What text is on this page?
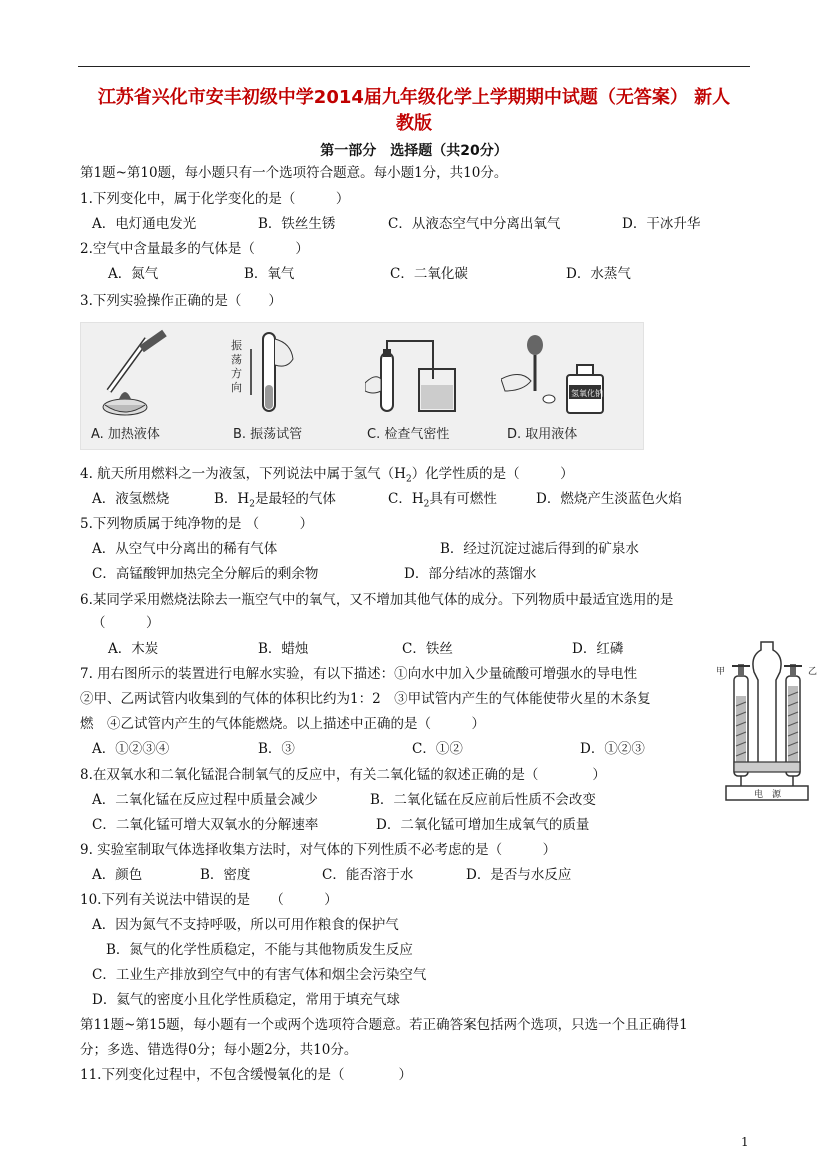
江苏省兴化市安丰初级中学2014届九年级化学上学期期中试题（无答案） 新人
教版
第一部分　选择题（共20分）
第1题~第10题，每小题只有一个选项符合题意。每小题1分，共10分。
1.下列变化中，属于化学变化的是（　　　）
A．电灯通电发光	B．铁丝生锈	C．从液态空气中分离出氧气	D．干冰升华
2.空气中含量最多的气体是（　　　）
A．氮气	B．氧气	C．二氧化碳	D．水蒸气
3.下列实验操作正确的是（　　）
A. 加热液体
振
荡
方
向
B. 振荡试管	C. 检查气密性
氢氧化钠
D. 取用液体
4. 航天所用燃料之一为液氢，下列说法中属于氢气$(H_2)$化学性质的是（　　　）
A．液氢燃烧	B．$H_2$是最轻的气体	C．$H_2$具有可燃性	D．燃烧产生淡蓝色火焰
5.下列物质属于纯净物的是 （　　　）
A．从空气中分离出的稀有气体	B．经过沉淀过滤后得到的矿泉水
C．高锰酸钾加热完全分解后的剩余物	D．部分结冰的蒸馏水
6.某同学采用燃烧法除去一瓶空气中的氧气，又不增加其他气体的成分。下列物质中最适宜选用的是
（　　　）
A．木炭	B．蜡烛	C．铁丝	D．红磷
7. 用右图所示的装置进行电解水实验，有以下描述：①向水中加入少量硫酸可增强水的导电性
②甲、乙两试管内收集到的气体的体积比约为1：2　③甲试管内产生的气体能使带火星的木条复
燃　④乙试管内产生的气体能燃烧。以上描述中正确的是（　　　）
A．①②③④	B．③	C．①②	D．①②③
甲	乙
电　源
8.在双氧水和二氧化锰混合制氧气的反应中，有关二氧化锰的叙述正确的是（　　　　）
A．二氧化锰在反应过程中质量会减少	B．二氧化锰在反应前后性质不会改变
C．二氧化锰可增大双氧水的分解速率	D．二氧化锰可增加生成氧气的质量
9. 实验室制取气体选择收集方法时，对气体的下列性质不必考虑的是（　　　）
A．颜色	B．密度	C．能否溶于水	D．是否与水反应
10.下列有关说法中错误的是　　（　　　）
A．因为氮气不支持呼吸，所以可用作粮食的保护气
B．氮气的化学性质稳定，不能与其他物质发生反应
C．工业生产排放到空气中的有害气体和烟尘会污染空气
D．氦气的密度小且化学性质稳定，常用于填充气球
第11题~第15题，每小题有一个或两个选项符合题意。若正确答案包括两个选项，只选一个且正确得1
分；多选、错选得0分；每小题2分，共10分。
11.下列变化过程中，不包含缓慢氧化的是（　　　　）
1
